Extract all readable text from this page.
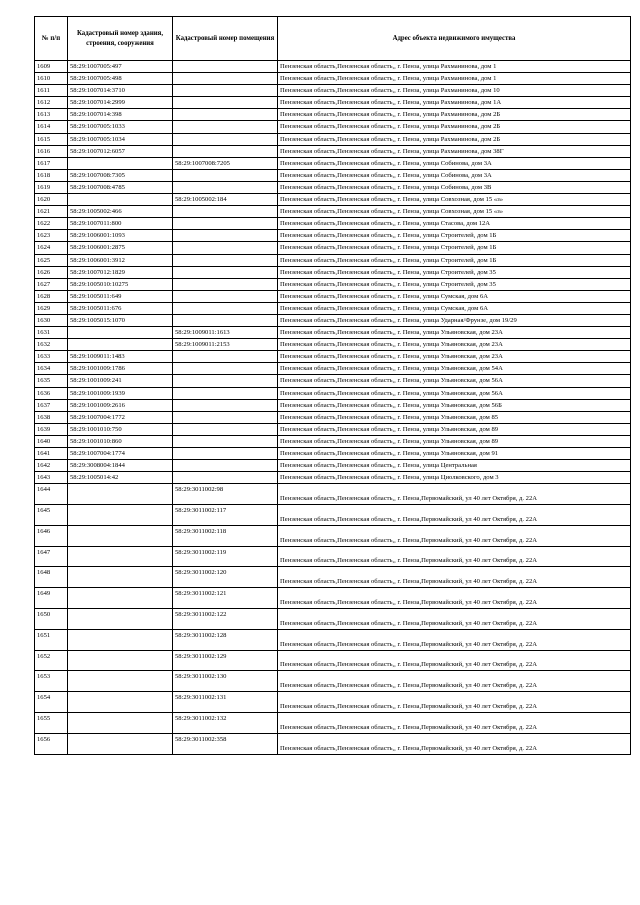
№ п/п	Кадастровый номер здания, строения, сооружения	Кадастровый номер помещения	Адрес объекта недвижимого имущества
1609	58:29:1007005:497		Пензенская область,Пензенская область,, г. Пенза, улица Рахманинова, дом 1
1610	58:29:1007005:498		Пензенская область,Пензенская область,, г. Пенза, улица Рахманинова, дом 1
1611	58:29:1007014:3710		Пензенская область,Пензенская область,, г. Пенза, улица Рахманинова, дом 10
1612	58:29:1007014:2999		Пензенская область,Пензенская область,, г. Пенза, улица Рахманинова, дом 1А
1613	58:29:1007014:398		Пензенская область,Пензенская область,, г. Пенза, улица Рахманинова, дом 2Б
1614	58:29:1007005:1033		Пензенская область,Пензенская область,, г. Пенза, улица Рахманинова, дом 2Б
1615	58:29:1007005:1034		Пензенская область,Пензенская область,, г. Пенза, улица Рахманинова, дом 2Б
1616	58:29:1007012:6057		Пензенская область,Пензенская область,, г. Пенза, улица Рахманинова, дом 38Г
1617		58:29:1007008:7205	Пензенская область,Пензенская область,, г. Пенза, улица Собинова, дом 3А
1618	58:29:1007008:7305		Пензенская область,Пензенская область,, г. Пенза, улица Собинова, дом 3А
1619	58:29:1007008:4785		Пензенская область,Пензенская область,, г. Пенза, улица Собинова, дом 3В
1620		58:29:1005002:184	Пензенская область,Пензенская область,, г. Пенза, улица Совхозная, дом 15 «з»
1621	58:29:1005002:466		Пензенская область,Пензенская область,, г. Пенза, улица Совхозная, дом 15 «з»
1622	58:29:1007011:800		Пензенская область,Пензенская область,, г. Пенза, улица Стасова, дом 12А
1623	58:29:1006001:1093		Пензенская область,Пензенская область,, г. Пенза, улица Строителей, дом 1Б
1624	58:29:1006001:2875		Пензенская область,Пензенская область,, г. Пенза, улица Строителей, дом 1Б
1625	58:29:1006001:3912		Пензенская область,Пензенская область,, г. Пенза, улица Строителей, дом 1Б
1626	58:29:1007012:1829		Пензенская область,Пензенская область,, г. Пенза, улица Строителей, дом 35
1627	58:29:1005010:10275		Пензенская область,Пензенская область,, г. Пенза, улица Строителей, дом 35
1628	58:29:1005011:649		Пензенская область,Пензенская область,, г. Пенза, улица Сумская, дом 6А
1629	58:29:1005011:676		Пензенская область,Пензенская область,, г. Пенза, улица Сумская, дом 6А
1630	58:29:1005015:1070		Пензенская область,Пензенская область,, г. Пенза, улица Ударная/Фрунзе, дом 19/29
1631		58:29:1009011:1613	Пензенская область,Пензенская область,, г. Пенза, улица Ульяновская, дом 23А
1632		58:29:1009011:2153	Пензенская область,Пензенская область,, г. Пенза, улица Ульяновская, дом 23А
1633	58:29:1009011:1483		Пензенская область,Пензенская область,, г. Пенза, улица Ульяновская, дом 23А
1634	58:29:1001009:1786		Пензенская область,Пензенская область,, г. Пенза, улица Ульяновская, дом 54А
1635	58:29:1001009:241		Пензенская область,Пензенская область,, г. Пенза, улица Ульяновская, дом 56А
1636	58:29:1001009:1939		Пензенская область,Пензенская область,, г. Пенза, улица Ульяновская, дом 56А
1637	58:29:1001009:2616		Пензенская область,Пензенская область,, г. Пенза, улица Ульяновская, дом 56Б
1638	58:29:1007004:1772		Пензенская область,Пензенская область,, г. Пенза, улица Ульяновская, дом 85
1639	58:29:1001010:750		Пензенская область,Пензенская область,, г. Пенза, улица Ульяновская, дом 89
1640	58:29:1001010:860		Пензенская область,Пензенская область,, г. Пенза, улица Ульяновская, дом 89
1641	58:29:1007004:1774		Пензенская область,Пензенская область,, г. Пенза, улица Ульяновская, дом 91
1642	58:29:3008004:1844		Пензенская область,Пензенская область,, г. Пенза, улица Центральная
1643	58:29:1005014:42		Пензенская область,Пензенская область,, г. Пенза, улица Циолковского, дом 3
1644		58:29:3011002:98	Пензенская область,Пензенская область,, г. Пенза,Первомайский, ул 40 лет Октября, д. 22А
1645		58:29:3011002:117	Пензенская область,Пензенская область,, г. Пенза,Первомайский, ул 40 лет Октября, д. 22А
1646		58:29:3011002:118	Пензенская область,Пензенская область,, г. Пенза,Первомайский, ул 40 лет Октября, д. 22А
1647		58:29:3011002:119	Пензенская область,Пензенская область,, г. Пенза,Первомайский, ул 40 лет Октября, д. 22А
1648		58:29:3011002:120	Пензенская область,Пензенская область,, г. Пенза,Первомайский, ул 40 лет Октября, д. 22А
1649		58:29:3011002:121	Пензенская область,Пензенская область,, г. Пенза,Первомайский, ул 40 лет Октября, д. 22А
1650		58:29:3011002:122	Пензенская область,Пензенская область,, г. Пенза,Первомайский, ул 40 лет Октября, д. 22А
1651		58:29:3011002:128	Пензенская область,Пензенская область,, г. Пенза,Первомайский, ул 40 лет Октября, д. 22А
1652		58:29:3011002:129	Пензенская область,Пензенская область,, г. Пенза,Первомайский, ул 40 лет Октября, д. 22А
1653		58:29:3011002:130	Пензенская область,Пензенская область,, г. Пенза,Первомайский, ул 40 лет Октября, д. 22А
1654		58:29:3011002:131	Пензенская область,Пензенская область,, г. Пенза,Первомайский, ул 40 лет Октября, д. 22А
1655		58:29:3011002:132	Пензенская область,Пензенская область,, г. Пенза,Первомайский, ул 40 лет Октября, д. 22А
1656		58:29:3011002:358	Пензенская область,Пензенская область,, г. Пенза,Первомайский, ул 40 лет Октября, д. 22А
